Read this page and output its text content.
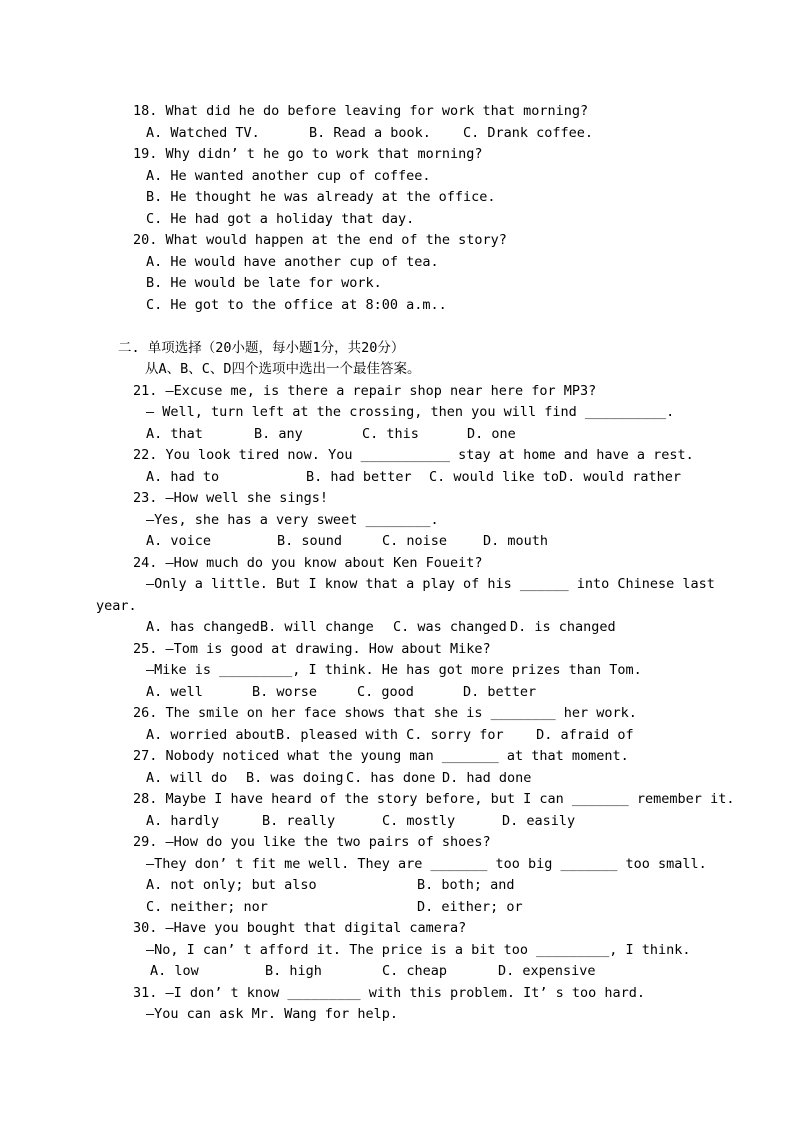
18. What did he do before leaving for work that morning?
A. Watched TV.	B. Read a book. C. Drank coffee.
19. Why didn’ t he go to work that morning?
A. He wanted another cup of coffee.
B. He thought he was already at the office.
C. He had got a holiday that day.
20. What would happen at the end of the story?
A. He would have another cup of tea.
B. He would be late for work.
C. He got to the office at 8:00 a.m..
二. 单项选择（20小题，每小题1分，共20分）
从A、B、C、D四个选项中选出一个最佳答案。
21. —Excuse me, is there a repair shop near here for MP3?
— Well, turn left at the crossing, then you will find __________.
A. that	B. any	C. this	D. one
22. You look tired now. You ___________ stay at home and have a rest.
A. had to	B. had better C. would like toD. would rather
23. —How well she sings!
—Yes, she has a very sweet ________.
A. voice	B. sound	C. noise	D. mouth
24. —How much do you know about Ken Foueit?
—Only a little. But I know that a play of his ______ into Chinese last
year.
A. has changed B. will change C. was changed D. is changed
25. —Tom is good at drawing. How about Mike?
—Mike is _________, I think. He has got more prizes than Tom.
A. well	B. worse	C. good	D. better
26. The smile on her face shows that she is ________ her work.
A. worried aboutB. pleased with C. sorry for    D. afraid of
27. Nobody noticed what the young man _______ at that moment.
A. will do B. was doing C. has done D. had done
28. Maybe I have heard of the story before, but I can _______ remember it.
A. hardly	B. really	C. mostly	D. easily
29. —How do you like the two pairs of shoes?
—They don’ t fit me well. They are _______ too big _______ too small.
A. not only; but also	B. both; and
C. neither; nor	D. either; or
30. —Have you bought that digital camera?
—No, I can’ t afford it. The price is a bit too _________, I think.
A. low	B. high	C. cheap	D. expensive
31. —I don’ t know _________ with this problem. It’ s too hard.
—You can ask Mr. Wang for help.
